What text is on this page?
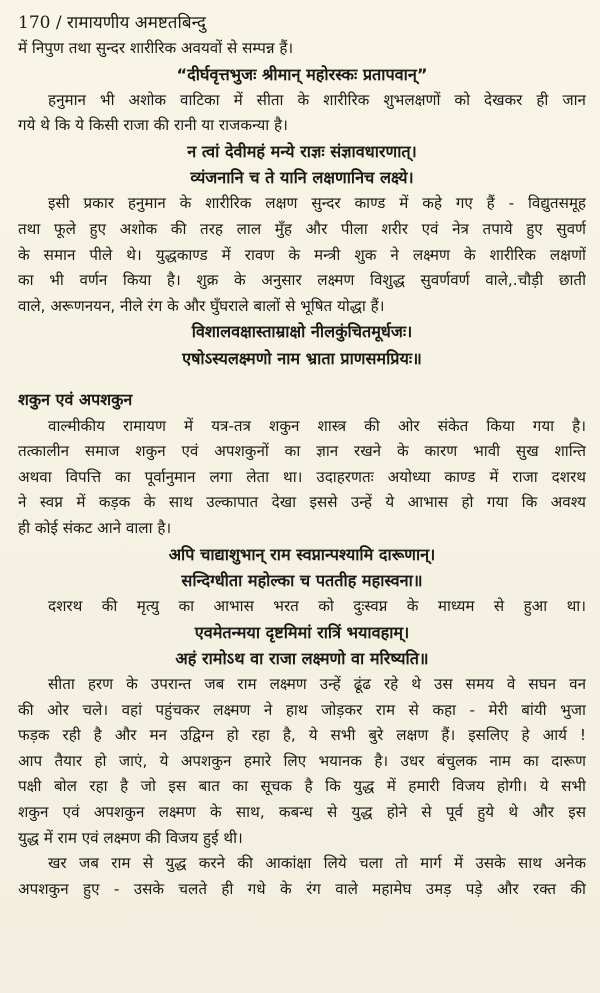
170 / रामायणीय अमष्टतबिन्दु
में निपुण तथा सुन्दर शारीरिक अवयवों से सम्पन्न हैं।
“दीर्घवृत्तभुजः श्रीमान् महोरस्कः प्रतापवान्”
हनुमान भी अशोक वाटिका में सीता के शारीरिक शुभलक्षणों को देखकर ही जान
गये थे कि ये किसी राजा की रानी या राजकन्या है।
न त्वां देवीमहं मन्ये राज्ञः संज्ञावधारणात्।
व्यंजनानि च ते यानि लक्षणानिच लक्ष्ये।
इसी प्रकार हनुमान के शारीरिक लक्षण सुन्दर काण्ड में कहे गए हैं - विद्युतसमूह
तथा फूले हुए अशोक की तरह लाल मुँह और पीला शरीर एवं नेत्र तपाये हुए सुवर्ण
के समान पीले थे। युद्धकाण्ड में रावण के मन्त्री शुक ने लक्ष्मण के शारीरिक लक्षणों
का भी वर्णन किया है। शुक्र के अनुसार लक्ष्मण विशुद्ध सुवर्णवर्ण वाले,.चौड़ी छाती
वाले, अरूणनयन, नीले रंग के और घुँघराले बालों से भूषित योद्धा हैं।
विशालवक्षास्ताम्राक्षो नीलकुंचितमूर्धजः।
एषोऽस्यलक्ष्मणो नाम भ्राता प्राणसमप्रियः॥
शकुन एवं अपशकुन
वाल्मीकीय रामायण में यत्र-तत्र शकुन शास्त्र की ओर संकेत किया गया है।
तत्कालीन समाज शकुन एवं अपशकुनों का ज्ञान रखने के कारण भावी सुख शान्ति
अथवा विपत्ति का पूर्वानुमान लगा लेता था। उदाहरणतः अयोध्या काण्ड में राजा दशरथ
ने स्वप्न में कड़क के साथ उल्कापात देखा इससे उन्हें ये आभास हो गया कि अवश्य
ही कोई संकट आने वाला है।
अपि चाद्याशुभान् राम स्वप्नान्पश्यामि दारूणान्।
सन्दिग्धीता महोल्का च पततीह महास्वना॥
दशरथ की मृत्यु का आभास भरत को दुःस्वप्न के माध्यम से हुआ था।
एवमेतन्मया दृष्टमिमां रात्रिं भयावहाम्।
अहं रामोऽथ वा राजा लक्ष्मणो वा मरिष्यति॥
सीता हरण के उपरान्त जब राम लक्ष्मण उन्हें ढूंढ रहे थे उस समय वे सघन वन
की ओर चले। वहां पहुंचकर लक्ष्मण ने हाथ जोड़कर राम से कहा - मेरी बांयी भुजा
फड़क रही है और मन उद्विग्न हो रहा है, ये सभी बुरे लक्षण हैं। इसलिए हे आर्य !
आप तैयार हो जाएं, ये अपशकुन हमारे लिए भयानक है। उधर बंचुलक नाम का दारूण
पक्षी बोल रहा है जो इस बात का सूचक है कि युद्ध में हमारी विजय होगी। ये सभी
शकुन एवं अपशकुन लक्ष्मण के साथ, कबन्ध से युद्ध होने से पूर्व हुये थे और इस
युद्ध में राम एवं लक्ष्मण की विजय हुई थी।
खर जब राम से युद्ध करने की आकांक्षा लिये चला तो मार्ग में उसके साथ अनेक
अपशकुन हुए - उसके चलते ही गधे के रंग वाले महामेघ उमड़ पड़े और रक्त की
